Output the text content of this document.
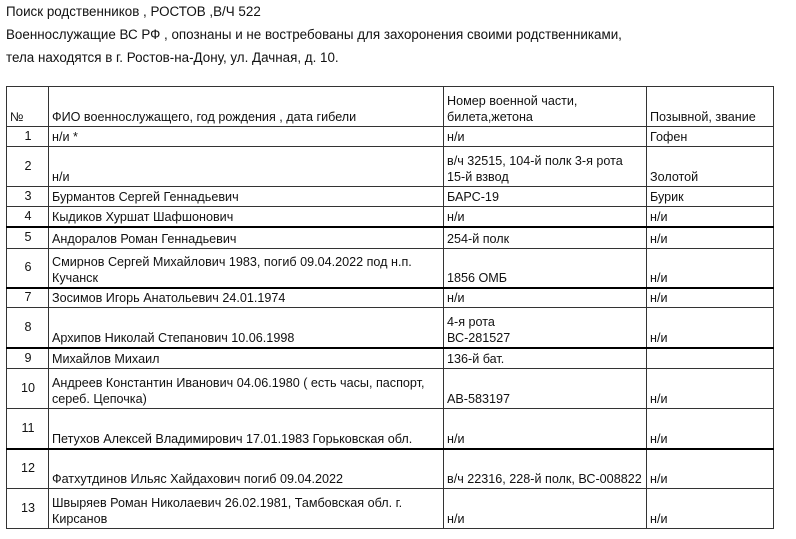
Поиск родственников , РОСТОВ ,В/Ч 522
Военнослужащие ВС РФ , опознаны и не востребованы для захоронения своими родственниками,
тела находятся в г. Ростов-на-Дону, ул. Дачная, д. 10.
№	ФИО военнослужащего, год рождения , дата гибели	Номер военной части, билета,жетона	Позывной, звание
1	н/и *	н/и	Гофен
2	н/и	в/ч 32515, 104-й полк 3-я рота 15-й взвод	Золотой
3	Бурмантов Сергей Геннадьевич	БАРС-19	Бурик
4	Кыдиков Хуршат Шафшонович	н/и	н/и
5	Андоралов Роман Геннадьевич	254-й полк	н/и
6	Смирнов Сергей Михайлович 1983, погиб 09.04.2022 под н.п. Кучанск	1856 ОМБ	н/и
7	Зосимов Игорь Анатольевич 24.01.1974	н/и	н/и
8	Архипов Николай Степанович 10.06.1998	4-я рота ВС-281527	н/и
9	Михайлов Михаил	136-й бат.	
10	Андреев Константин Иванович 04.06.1980 ( есть часы, паспорт, сереб. Цепочка)	АВ-583197	н/и
11	Петухов Алексей Владимирович 17.01.1983 Горьковская обл.	н/и	н/и
12	Фатхутдинов Ильяс Хайдахович погиб 09.04.2022	в/ч 22316, 228-й полк, ВС-008822	н/и
13	Швыряев Роман Николаевич 26.02.1981, Тамбовская обл. г. Кирсанов	н/и	н/и
